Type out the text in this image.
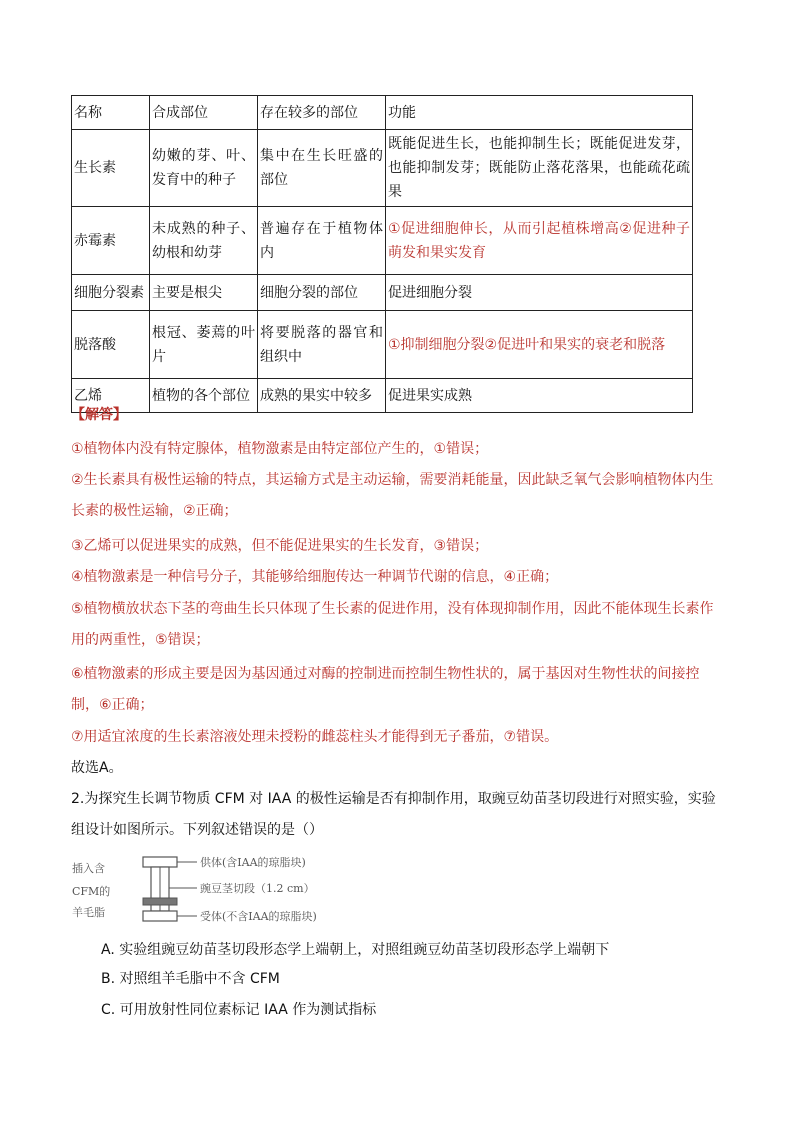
名称	合成部位	存在较多的部位	功能
生长素	幼嫩的芽、叶、发育中的种子	集中在生长旺盛的部位	既能促进生长，也能抑制生长；既能促进发芽，也能抑制发芽；既能防止落花落果，也能疏花疏果
赤霉素	未成熟的种子、幼根和幼芽	普遍存在于植物体内	①促进细胞伸长，从而引起植株增高②促进种子萌发和果实发育
细胞分裂素	主要是根尖	细胞分裂的部位	促进细胞分裂
脱落酸	根冠、萎蔫的叶片	将要脱落的器官和组织中	①抑制细胞分裂②促进叶和果实的衰老和脱落
乙烯	植物的各个部位	成熟的果实中较多	促进果实成熟

【解答】

①植物体内没有特定腺体，植物激素是由特定部位产生的，①错误；

②生长素具有极性运输的特点，其运输方式是主动运输，需要消耗能量，因此缺乏氧气会影响植物体内生长素的极性运输，②正确；

③乙烯可以促进果实的成熟，但不能促进果实的生长发育，③错误；

④植物激素是一种信号分子，其能够给细胞传达一种调节代谢的信息，④正确；

⑤植物横放状态下茎的弯曲生长只体现了生长素的促进作用，没有体现抑制作用，因此不能体现生长素作用的两重性，⑤错误；

⑥植物激素的形成主要是因为基因通过对酶的控制进而控制生物性状的，属于基因对生物性状的间接控制，⑥正确；

⑦用适宜浓度的生长素溶液处理未授粉的雌蕊柱头才能得到无子番茄，⑦错误。

故选A。

2.为探究生长调节物质 CFM 对 IAA 的极性运输是否有抑制作用，取豌豆幼苗茎切段进行对照实验，实验组设计如图所示。下列叙述错误的是（）

插入含
CFM的
羊毛脂
供体(含IAA的琼脂块)
豌豆茎切段（1.2 cm）
受体(不含IAA的琼脂块)

A. 实验组豌豆幼苗茎切段形态学上端朝上，对照组豌豆幼苗茎切段形态学上端朝下

B. 对照组羊毛脂中不含 CFM

C. 可用放射性同位素标记 IAA 作为测试指标
